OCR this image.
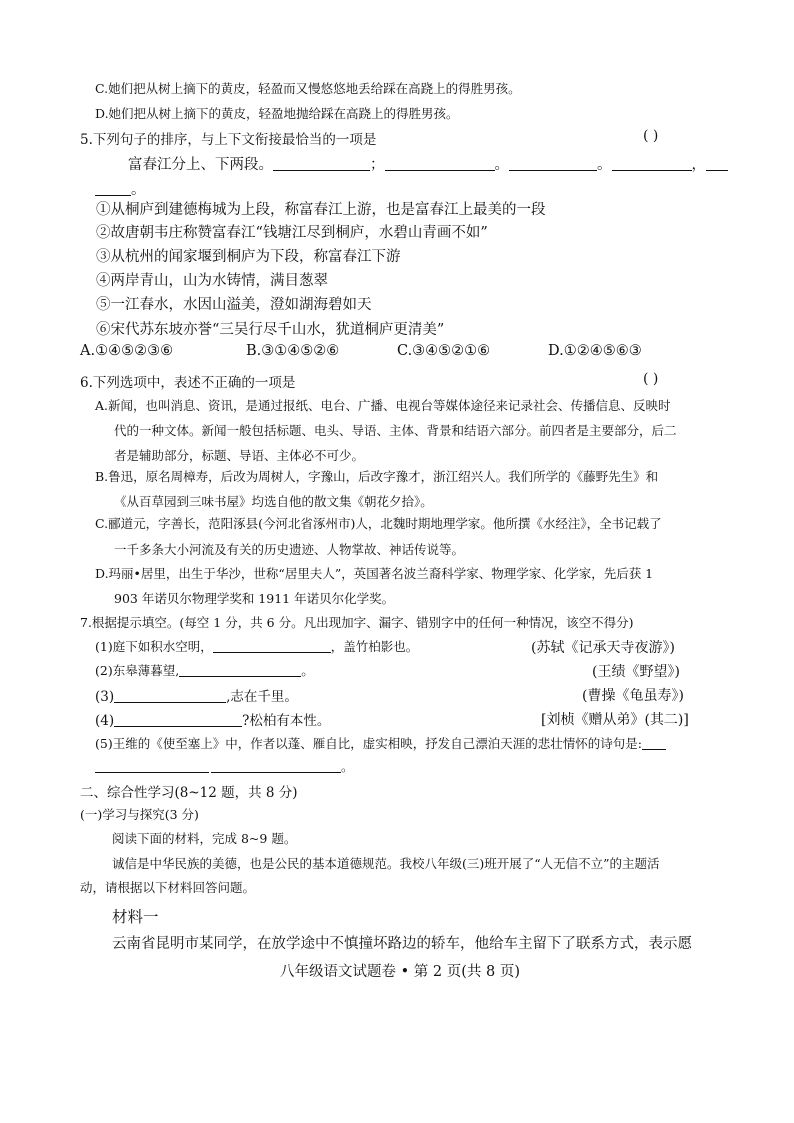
C.她们把从树上摘下的黄皮，轻盈而又慢悠悠地丢给踩在高跷上的得胜男孩。
D.她们把从树上摘下的黄皮，轻盈地抛给踩在高跷上的得胜男孩。
5.下列句子的排序，与上下文衔接最恰当的一项是	( )
富春江分上、下两段。	；	。	。	，
。
①从桐庐到建德梅城为上段，称富春江上游，也是富春江上最美的一段
②故唐朝韦庄称赞富春江“钱塘江尽到桐庐，水碧山青画不如”
③从杭州的闻家堰到桐庐为下段，称富春江下游
④两岸青山，山为水铸情，满目葱翠
⑤一江春水，水因山溢美，澄如湖海碧如天
⑥宋代苏东坡亦誉“三吴行尽千山水，犹道桐庐更清美”
A.①④⑤②③⑥	B.③①④⑤②⑥	C.③④⑤②①⑥	D.①②④⑤⑥③
6.下列选项中，表述不正确的一项是	( )
A.新闻，也叫消息、资讯，是通过报纸、电台、广播、电视台等媒体途径来记录社会、传播信息、反映时
代的一种文体。新闻一般包括标题、电头、导语、主体、背景和结语六部分。前四者是主要部分，后二
者是辅助部分，标题、导语、主体必不可少。
B.鲁迅，原名周樟寿，后改为周树人，字豫山，后改字豫才，浙江绍兴人。我们所学的《藤野先生》和
《从百草园到三味书屋》均选自他的散文集《朝花夕拾》。
C.郦道元，字善长，范阳涿县(今河北省涿州市)人，北魏时期地理学家。他所撰《水经注》，全书记载了
一千多条大小河流及有关的历史遗迹、人物掌故、神话传说等。
D.玛丽•居里，出生于华沙，世称“居里夫人”，英国著名波兰裔科学家、物理学家、化学家，先后获 1
903 年诺贝尔物理学奖和 1911 年诺贝尔化学奖。
7.根据提示填空。(每空 1 分，共 6 分。凡出现加字、漏字、错别字中的任何一种情况，该空不得分)
(1)庭下如积水空明，	，盖竹柏影也。	(苏轼《记承天寺夜游》)
(2)东皋薄暮望,	。	(王绩《野望》)
(3)	,志在千里。	(曹操《龟虽寿》)
(4)	?松柏有本性。	[刘桢《赠从弟》(其二)]
(5)王维的《使至塞上》中，作者以蓬、雁自比，虚实相映，抒发自己漂泊天涯的悲壮情怀的诗句是:
。
二、综合性学习(8~12 题，共 8 分)
(一)学习与探究(3 分)
阅读下面的材料，完成 8~9 题。
诚信是中华民族的美德，也是公民的基本道德规范。我校八年级(三)班开展了“人无信不立”的主题活
动，请根据以下材料回答问题。
材料一
云南省昆明市某同学，在放学途中不慎撞坏路边的轿车，他给车主留下了联系方式，表示愿
八年级语文试题卷 • 第 2 页(共 8 页)
